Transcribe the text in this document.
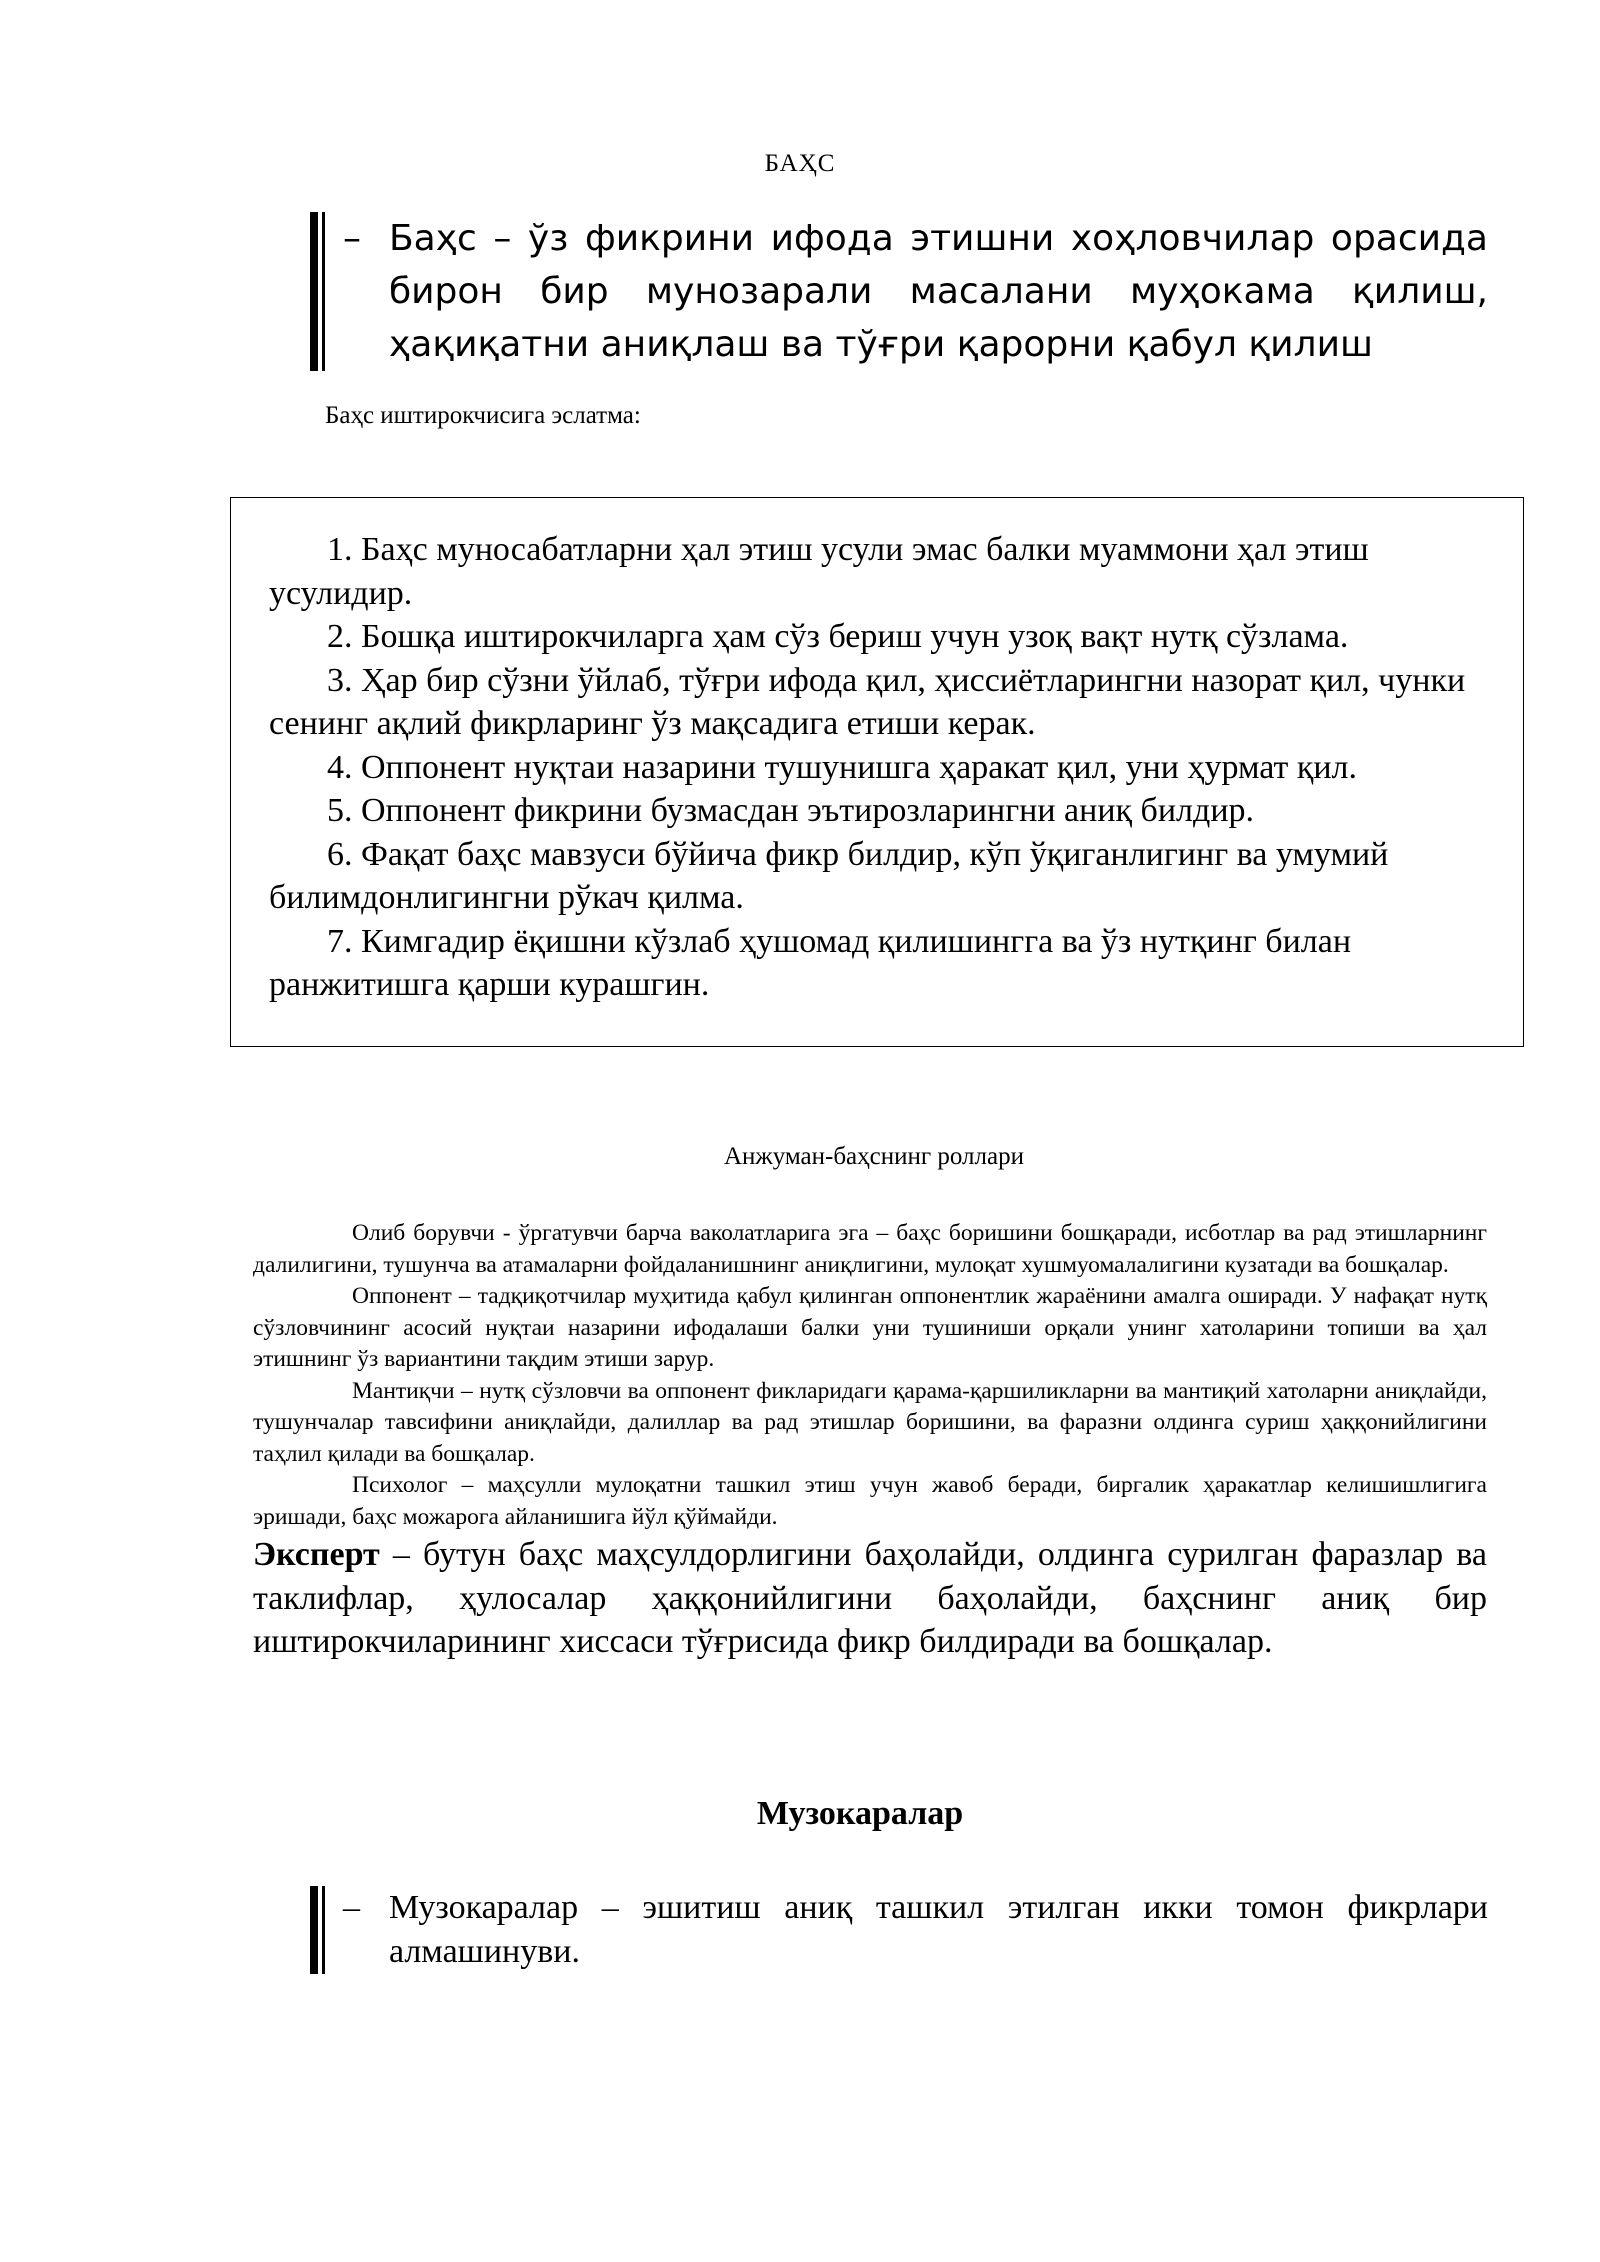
БАҲС
– Баҳс – ўз фикрини ифода этишни хоҳловчилар орасида бирон бир мунозарали масалани муҳокама қилиш, ҳақиқатни аниқлаш ва тўғри қарорни қабул қилиш
Баҳс иштирокчисига эслатма:

1. Баҳс муносабатларни ҳал этиш усули эмас балки муаммони ҳал этиш усулидир.

2. Бошқа иштирокчиларга ҳам сўз бериш учун узоқ вақт нутқ сўзлама.

3. Ҳар бир сўзни ўйлаб, тўғри ифода қил, ҳиссиётларингни назорат қил, чунки сенинг ақлий фикрларинг ўз мақсадига етиши керак.

4. Оппонент нуқтаи назарини тушунишга ҳаракат қил, уни ҳурмат қил.

5. Оппонент фикрини бузмасдан эътирозларингни аниқ билдир.

6. Фақат баҳс мавзуси бўйича фикр билдир, кўп ўқиганлигинг ва умумий билимдонлигингни рўкач қилма.

7. Кимгадир ёқишни кўзлаб ҳушомад қилишингга ва ўз нутқинг билан ранжитишга қарши курашгин.

Анжуман-баҳснинг роллари

Олиб борувчи - ўргатувчи барча ваколатларига эга – баҳс боришини бошқаради, исботлар ва рад этишларнинг далилигини, тушунча ва атамаларни фойдаланишнинг аниқлигини, мулоқат хушмуомалалигини кузатади ва бошқалар.

Оппонент – тадқиқотчилар муҳитида қабул қилинган оппонентлик жараёнини амалга оширади. У нафақат нутқ сўзловчининг асосий нуқтаи назарини ифодалаши балки уни тушиниши орқали унинг хатоларини топиши ва ҳал этишнинг ўз вариантини тақдим этиши зарур.

Мантиқчи – нутқ сўзловчи ва оппонент фикларидаги қарама-қаршиликларни ва мантиқий хатоларни аниқлайди, тушунчалар тавсифини аниқлайди, далиллар ва рад этишлар боришини, ва фаразни олдинга суриш ҳаққонийлигини таҳлил қилади ва бошқалар.

Психолог – маҳсулли мулоқатни ташкил этиш учун жавоб беради, биргалик ҳаракатлар келишишлигига эришади, баҳс можарога айланишига йўл қўймайди.

Эксперт – бутун баҳс маҳсулдорлигини баҳолайди, олдинга сурилган фаразлар ва таклифлар, ҳулосалар ҳаққонийлигини баҳолайди, баҳснинг аниқ бир иштирокчиларининг хиссаси тўғрисида фикр билдиради ва бошқалар.

Музокаралар
– Музокаралар – эшитиш аниқ ташкил этилган икки томон фикрлари алмашинуви.
